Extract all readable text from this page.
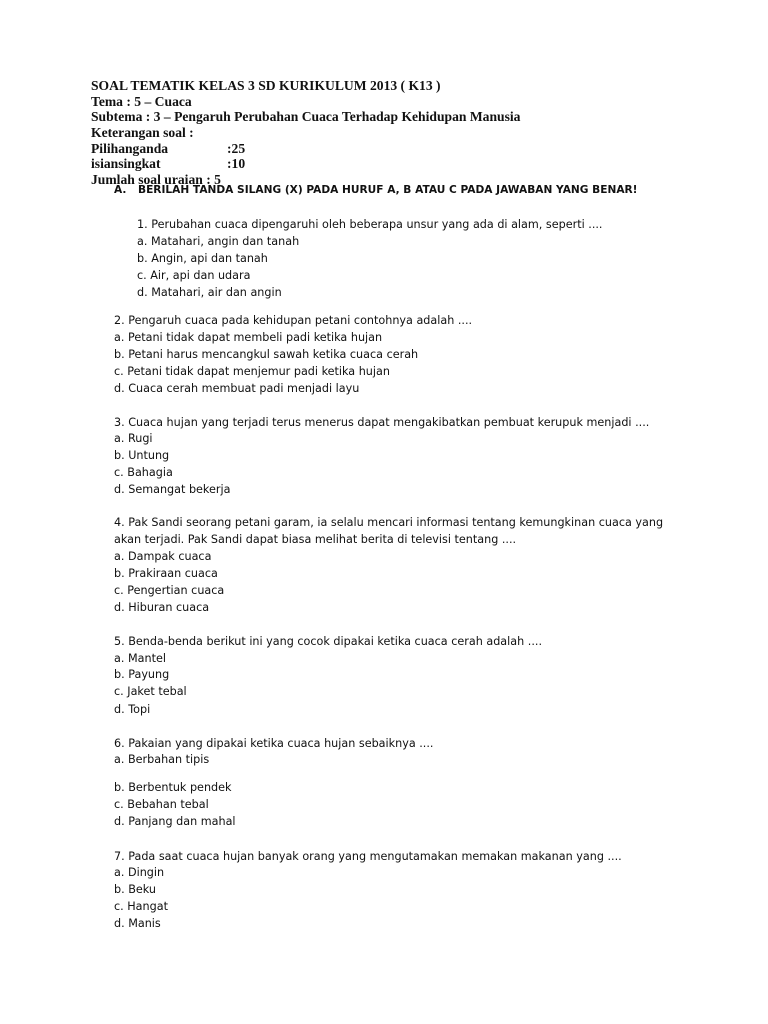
SOAL TEMATIK KELAS 3 SD KURIKULUM 2013 ( K13 )
Tema : 5 – Cuaca
Subtema : 3 – Pengaruh Perubahan Cuaca Terhadap Kehidupan Manusia
Keterangan soal :
Pilihanganda	:25
isiansingkat	:10
Jumlah soal uraian : 5
A. BERILAH TANDA SILANG (X) PADA HURUF A, B ATAU C PADA JAWABAN YANG BENAR!
1. Perubahan cuaca dipengaruhi oleh beberapa unsur yang ada di alam, seperti ....
a. Matahari, angin dan tanah
b. Angin, api dan tanah
c. Air, api dan udara
d. Matahari, air dan angin
2. Pengaruh cuaca pada kehidupan petani contohnya adalah ....
a. Petani tidak dapat membeli padi ketika hujan
b. Petani harus mencangkul sawah ketika cuaca cerah
c. Petani tidak dapat menjemur padi ketika hujan
d. Cuaca cerah membuat padi menjadi layu
3. Cuaca hujan yang terjadi terus menerus dapat mengakibatkan pembuat kerupuk menjadi ....
a. Rugi
b. Untung
c. Bahagia
d. Semangat bekerja
4. Pak Sandi seorang petani garam, ia selalu mencari informasi tentang kemungkinan cuaca yang
akan terjadi. Pak Sandi dapat biasa melihat berita di televisi tentang ....
a. Dampak cuaca
b. Prakiraan cuaca
c. Pengertian cuaca
d. Hiburan cuaca
5. Benda-benda berikut ini yang cocok dipakai ketika cuaca cerah adalah ....
a. Mantel
b. Payung
c. Jaket tebal
d. Topi
6. Pakaian yang dipakai ketika cuaca hujan sebaiknya ....
a. Berbahan tipis
b. Berbentuk pendek
c. Bebahan tebal
d. Panjang dan mahal
7. Pada saat cuaca hujan banyak orang yang mengutamakan memakan makanan yang ....
a. Dingin
b. Beku
c. Hangat
d. Manis
